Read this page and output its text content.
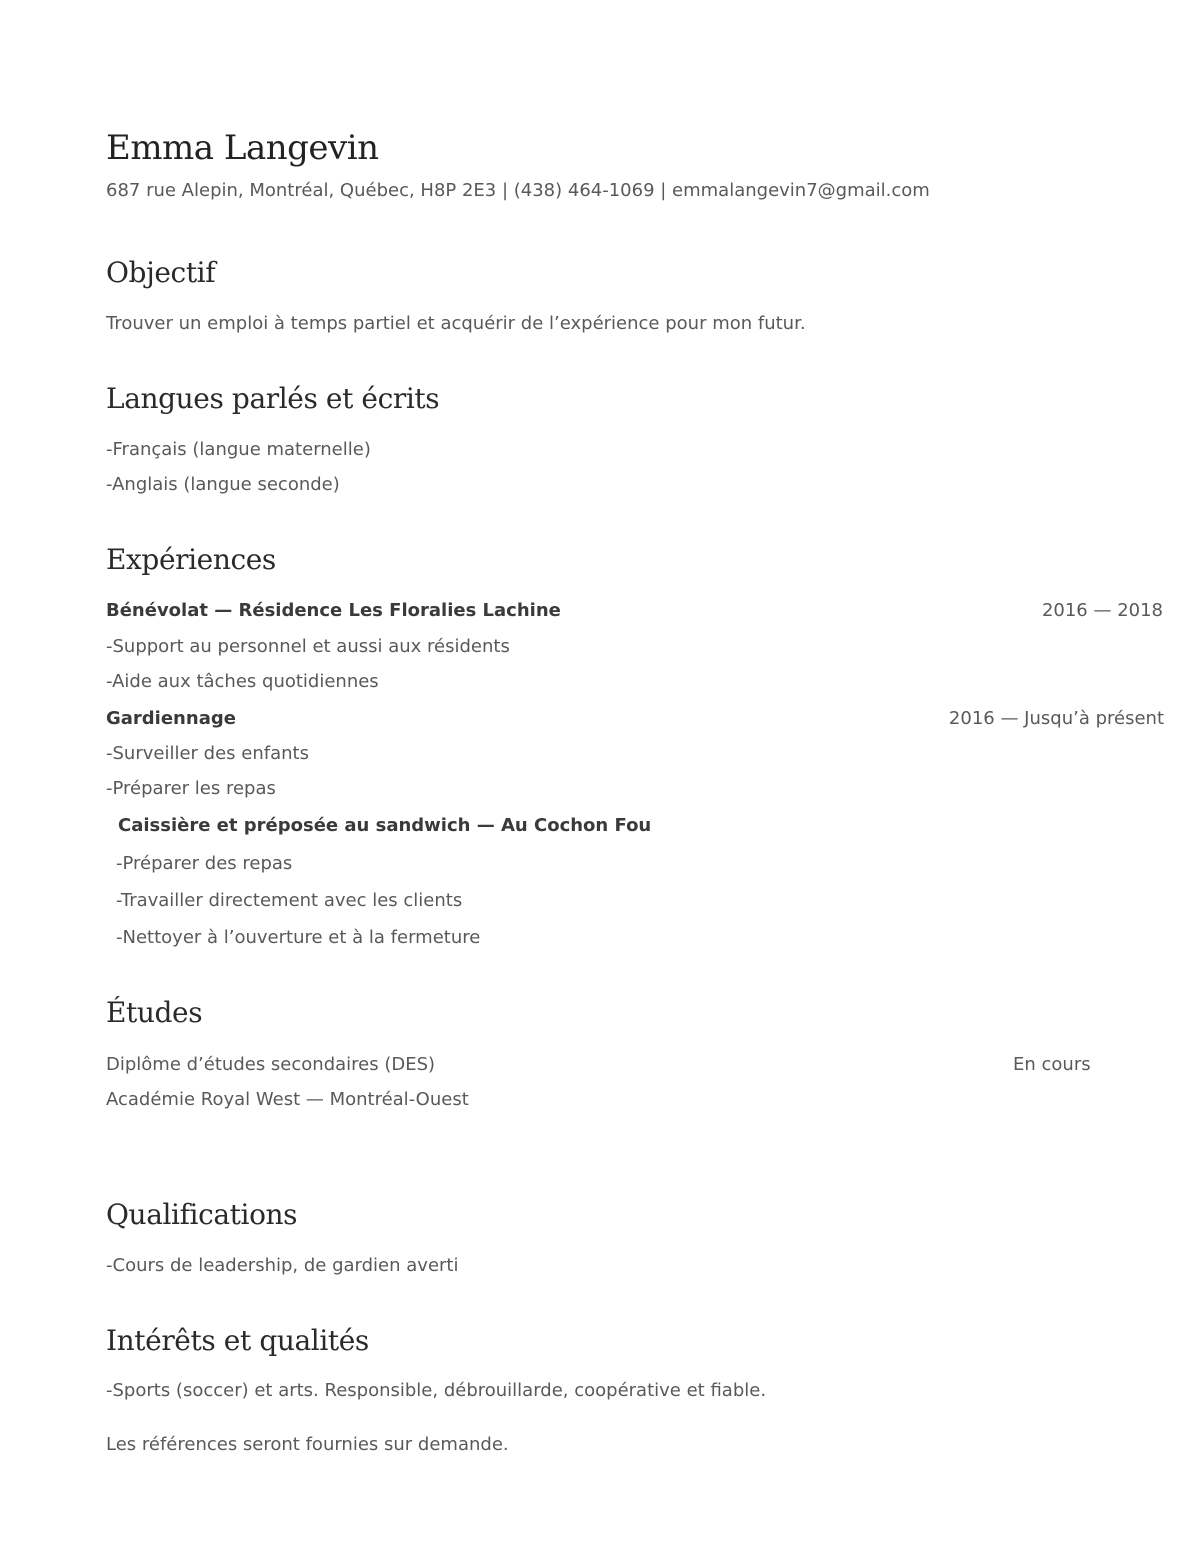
Emma Langevin
687 rue Alepin, Montréal, Québec, H8P 2E3 | (438) 464-1069 | emmalangevin7@gmail.com
Objectif
Trouver un emploi à temps partiel et acquérir de l’expérience pour mon futur.
Langues parlés et écrits
-Français (langue maternelle)
-Anglais (langue seconde)
Expériences
Bénévolat — Résidence Les Floralies Lachine	2016 — 2018
-Support au personnel et aussi aux résidents
-Aide aux tâches quotidiennes
Gardiennage	2016 — Jusqu’à présent
-Surveiller des enfants
-Préparer les repas
Caissière et préposée au sandwich — Au Cochon Fou
-Préparer des repas
-Travailler directement avec les clients
-Nettoyer à l’ouverture et à la fermeture
Études
Diplôme d’études secondaires (DES)	En cours
Académie Royal West — Montréal-Ouest
Qualifications
-Cours de leadership, de gardien averti
Intérêts et qualités
-Sports (soccer) et arts. Responsible, débrouillarde, coopérative et fiable.
Les références seront fournies sur demande.
